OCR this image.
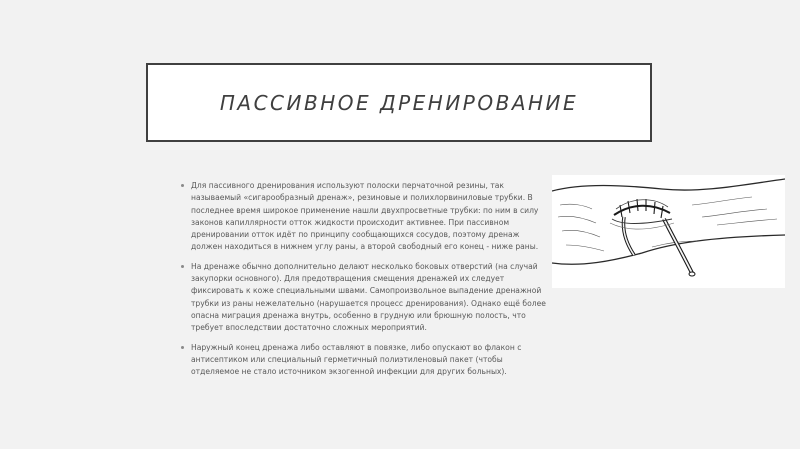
ПАССИВНОЕ ДРЕНИРОВАНИЕ
Для пассивного дренирования используют полоски перчаточной резины, так называемый «сигарообразный дренаж», резиновые и полихлорвиниловые трубки. В последнее время широкое применение нашли двухпросветные трубки: по ним в силу законов капиллярности отток жидкости происходит активнее. При пассивном дренировании отток идёт по принципу сообщающихся сосудов, поэтому дренаж должен находиться в нижнем углу раны, а второй свободный его конец - ниже раны.
На дренаже обычно дополнительно делают несколько боковых отверстий (на случай закупорки основного). Для предотвращения смещения дренажей их следует фиксировать к коже специальными швами. Самопроизвольное выпадение дренажной трубки из раны нежелательно (нарушается процесс дренирования). Однако ещё более опасна миграция дренажа внутрь, особенно в грудную или брюшную полость, что требует впоследствии достаточно сложных мероприятий.
Наружный конец дренажа либо оставляют в повязке, либо опускают во флакон с антисептиком или специальный герметичный полиэтиленовый пакет (чтобы отделяемое не стало источником экзогенной инфекции для других больных).
